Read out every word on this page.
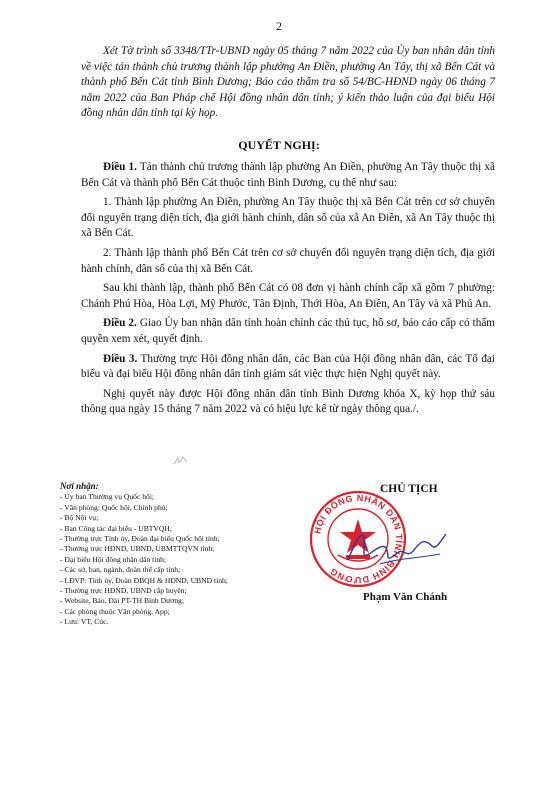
2

Xét Tờ trình số 3348/TTr-UBND ngày 05 tháng 7 năm 2022 của Ủy ban nhân dân tỉnh về việc tán thành chủ trương thành lập phường An Điền, phường An Tây, thị xã Bến Cát và thành phố Bến Cát tỉnh Bình Dương; Báo cáo thẩm tra số 54/BC-HĐND ngày 06 tháng 7 năm 2022 của Ban Pháp chế Hội đồng nhân dân tỉnh; ý kiến thảo luận của đại biểu Hội đồng nhân dân tỉnh tại kỳ họp.

QUYẾT NGHỊ:

Điều 1. Tán thành chủ trương thành lập phường An Điền, phường An Tây thuộc thị xã Bến Cát và thành phố Bến Cát thuộc tỉnh Bình Dương, cụ thể như sau:

1. Thành lập phường An Điền, phường An Tây thuộc thị xã Bến Cát trên cơ sở chuyển đổi nguyên trạng diện tích, địa giới hành chính, dân số của xã An Điền, xã An Tây thuộc thị xã Bến Cát.

2. Thành lập thành phố Bến Cát trên cơ sở chuyển đổi nguyên trạng diện tích, địa giới hành chính, dân số của thị xã Bến Cát.

Sau khi thành lập, thành phố Bến Cát có 08 đơn vị hành chính cấp xã gồm 7 phường: Chánh Phú Hòa, Hòa Lợi, Mỹ Phước, Tân Định, Thới Hòa, An Điền, An Tây và xã Phú An.

Điều 2. Giao Ủy ban nhân dân tỉnh hoàn chỉnh các thủ tục, hồ sơ, báo cáo cấp có thẩm quyền xem xét, quyết định.

Điều 3. Thường trực Hội đồng nhân dân, các Ban của Hội đồng nhân dân, các Tổ đại biểu và đại biểu Hội đồng nhân dân tỉnh giám sát việc thực hiện Nghị quyết này.

Nghị quyết này được Hội đồng nhân dân tỉnh Bình Dương khóa X, kỳ họp thứ sáu thông qua ngày 15 tháng 7 năm 2022 và có hiệu lực kể từ ngày thông qua./.

Nơi nhận:
- Ủy ban Thường vụ Quốc hội;
- Văn phòng: Quốc hội, Chính phủ;
- Bộ Nội vụ;
- Ban Công tác đại biểu - UBTVQH;
- Thường trực Tỉnh ủy, Đoàn đại biểu Quốc hội tỉnh;
- Thường trực HĐND, UBND, UBMTTQVN tỉnh;
- Đại biểu Hội đồng nhân dân tỉnh;
- Các sở, ban, ngành, đoàn thể cấp tỉnh;
- LĐVP: Tỉnh ủy, Đoàn ĐBQH & HĐND, UBND tỉnh;
- Thường trực HĐND, UBND cấp huyện;
- Website, Báo, Đài PT-TH Bình Dương;
- Các phòng thuộc Văn phòng, App;
- Lưu: VT, Cúc.
CHỦ TỊCH
HỘI ĐỒNG NHÂN DÂN TỈNH BÌNH DƯƠNG
Phạm Văn Chánh
